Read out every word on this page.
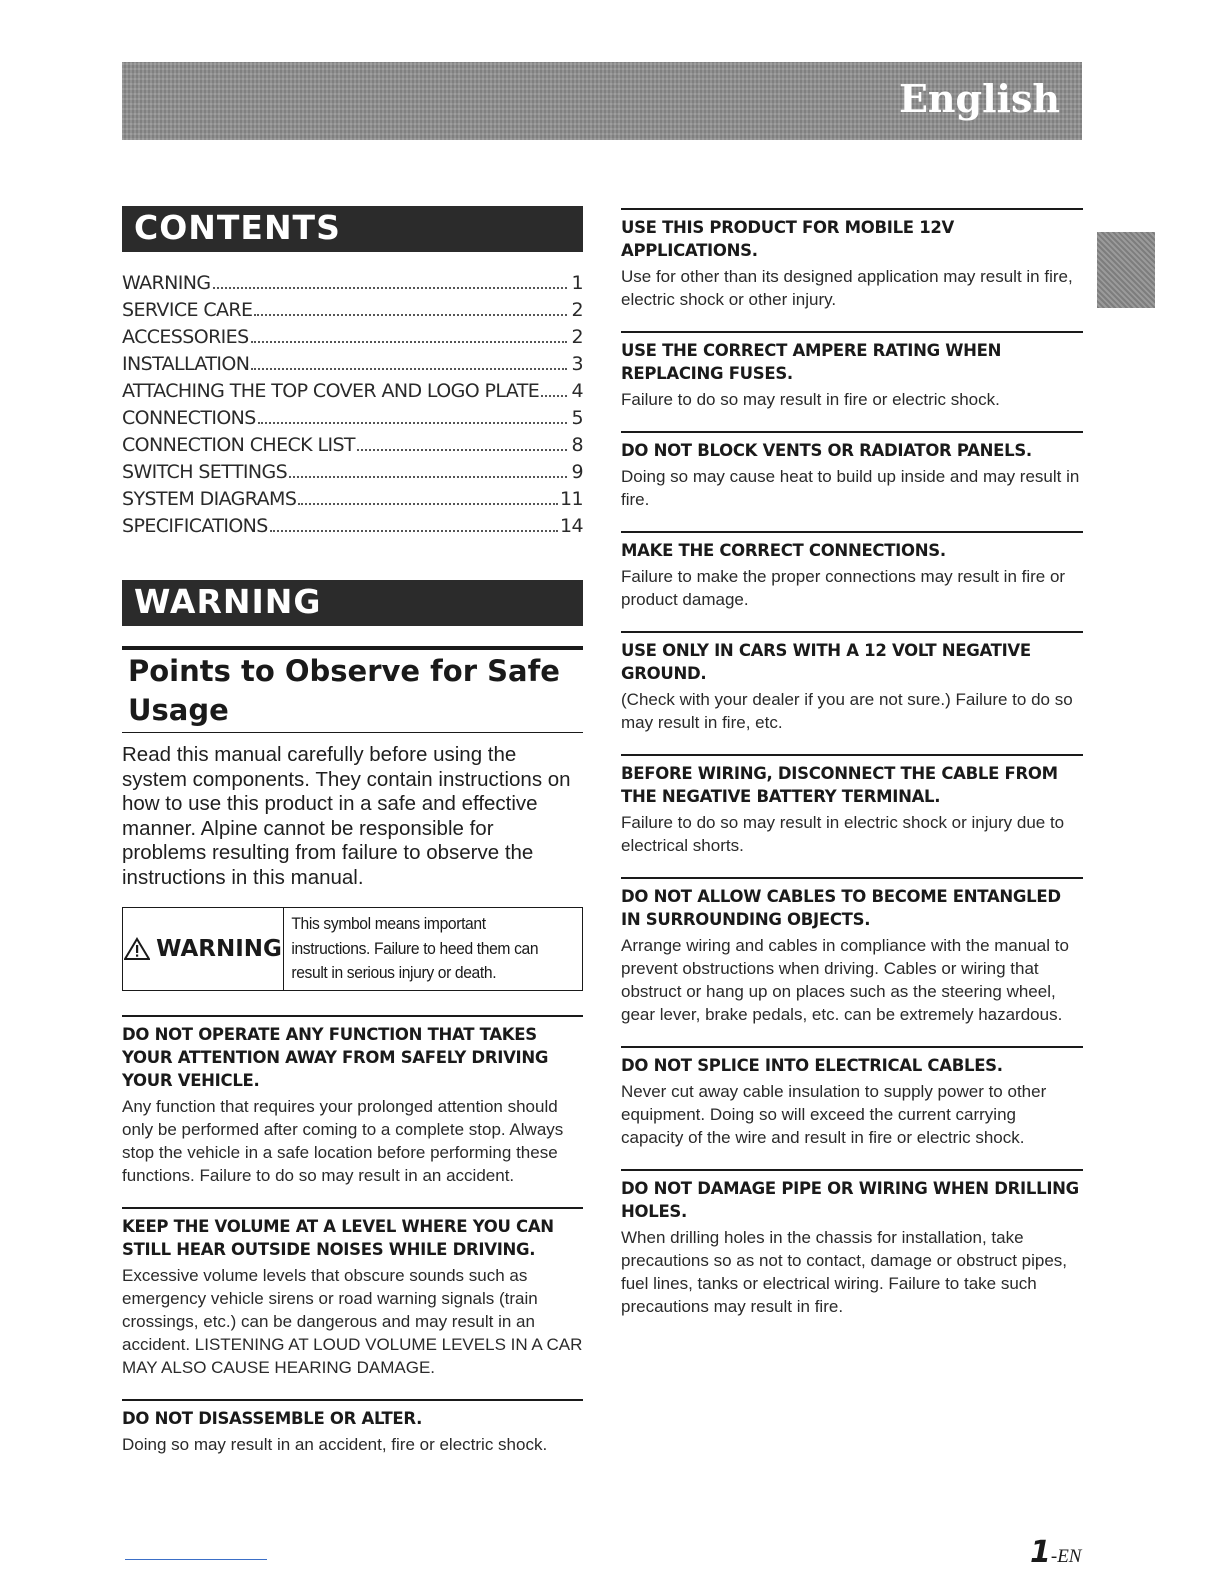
English
CONTENTS
WARNING	1
SERVICE CARE	2
ACCESSORIES	2
INSTALLATION	3
ATTACHING THE TOP COVER AND LOGO PLATE 4
CONNECTIONS	5
CONNECTION CHECK LIST	8
SWITCH SETTINGS	9
SYSTEM DIAGRAMS	11
SPECIFICATIONS	14
WARNING
Points to Observe for Safe Usage
Read this manual carefully before using the system components. They contain instructions on how to use this product in a safe and effective manner. Alpine cannot be responsible for problems resulting from failure to observe the instructions in this manual.
WARNING
This symbol means important instructions. Failure to heed them can result in serious injury or death.
DO NOT OPERATE ANY FUNCTION THAT TAKES YOUR ATTENTION AWAY FROM SAFELY DRIVING YOUR VEHICLE.
Any function that requires your prolonged attention should only be performed after coming to a complete stop. Always stop the vehicle in a safe location before performing these functions. Failure to do so may result in an accident.
KEEP THE VOLUME AT A LEVEL WHERE YOU CAN STILL HEAR OUTSIDE NOISES WHILE DRIVING.
Excessive volume levels that obscure sounds such as emergency vehicle sirens or road warning signals (train crossings, etc.) can be dangerous and may result in an accident. LISTENING AT LOUD VOLUME LEVELS IN A CAR MAY ALSO CAUSE HEARING DAMAGE.
DO NOT DISASSEMBLE OR ALTER.
Doing so may result in an accident, fire or electric shock.
USE THIS PRODUCT FOR MOBILE 12V APPLICATIONS.
Use for other than its designed application may result in fire, electric shock or other injury.
USE THE CORRECT AMPERE RATING WHEN REPLACING FUSES.
Failure to do so may result in fire or electric shock.
DO NOT BLOCK VENTS OR RADIATOR PANELS.
Doing so may cause heat to build up inside and may result in fire.
MAKE THE CORRECT CONNECTIONS.
Failure to make the proper connections may result in fire or product damage.
USE ONLY IN CARS WITH A 12 VOLT NEGATIVE GROUND.
(Check with your dealer if you are not sure.) Failure to do so may result in fire, etc.
BEFORE WIRING, DISCONNECT THE CABLE FROM THE NEGATIVE BATTERY TERMINAL.
Failure to do so may result in electric shock or injury due to electrical shorts.
DO NOT ALLOW CABLES TO BECOME ENTANGLED IN SURROUNDING OBJECTS.
Arrange wiring and cables in compliance with the manual to prevent obstructions when driving. Cables or wiring that obstruct or hang up on places such as the steering wheel, gear lever, brake pedals, etc. can be extremely hazardous.
DO NOT SPLICE INTO ELECTRICAL CABLES.
Never cut away cable insulation to supply power to other equipment. Doing so will exceed the current carrying capacity of the wire and result in fire or electric shock.
DO NOT DAMAGE PIPE OR WIRING WHEN DRILLING HOLES.
When drilling holes in the chassis for installation, take precautions so as not to contact, damage or obstruct pipes, fuel lines, tanks or electrical wiring. Failure to take such precautions may result in fire.
1-EN
